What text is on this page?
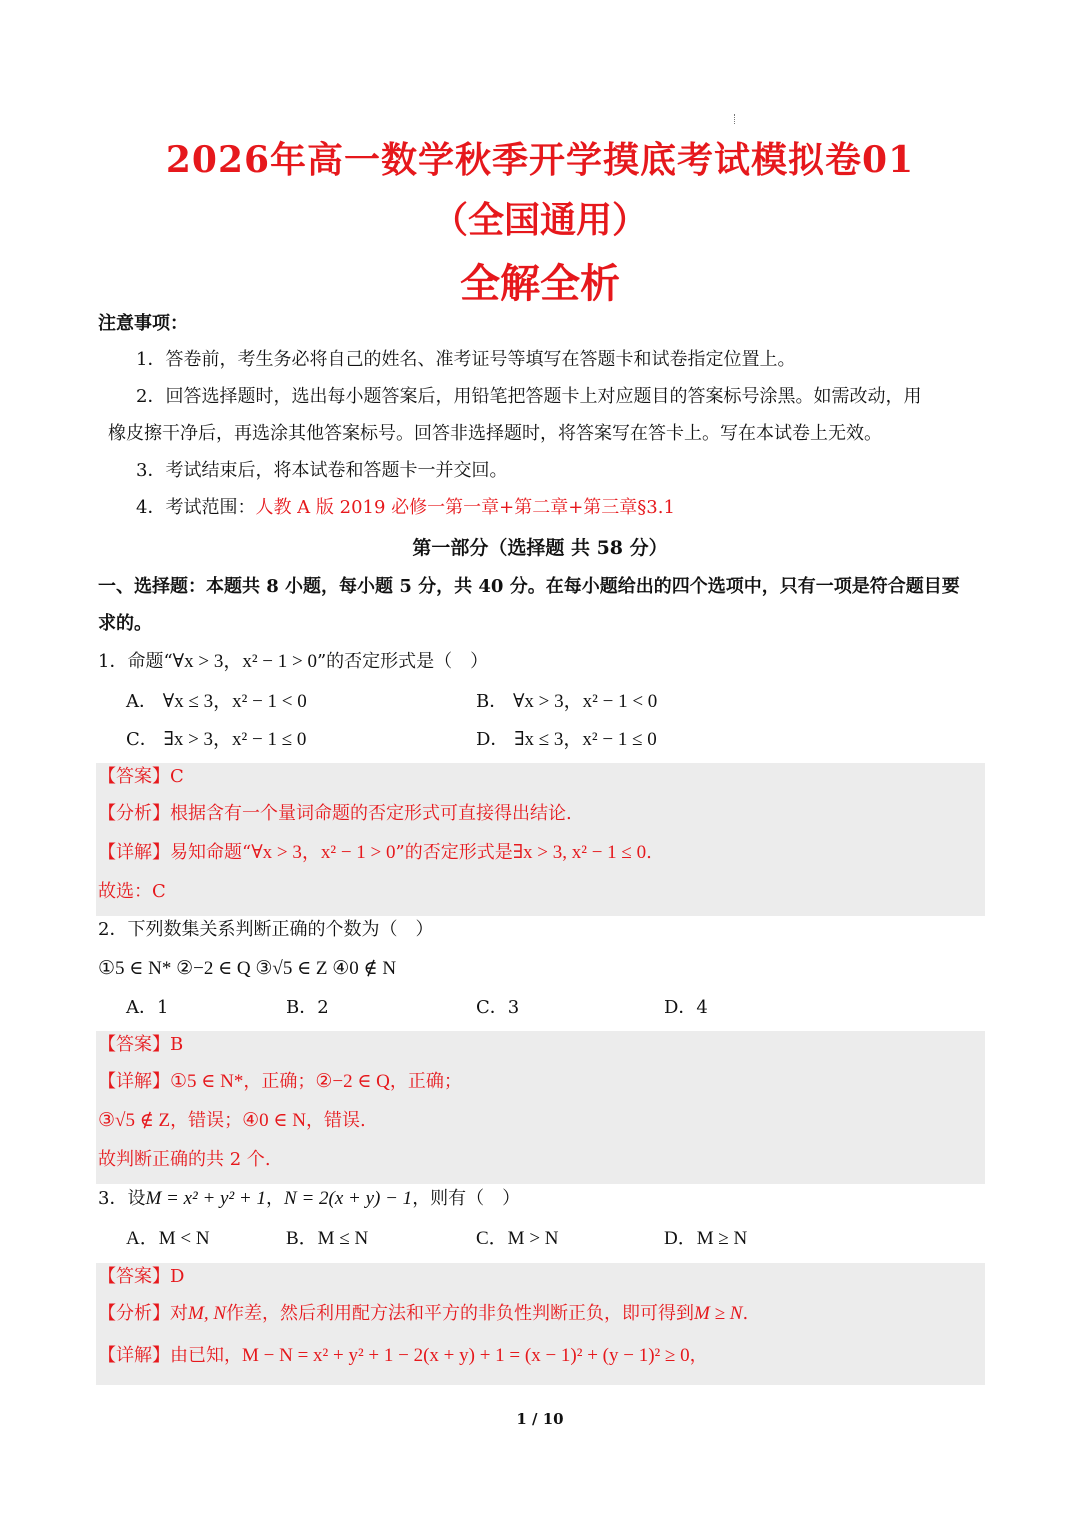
2026年高一数学秋季开学摸底考试模拟卷01
（全国通用）
全解全析
注意事项：
1．答卷前，考生务必将自己的姓名、准考证号等填写在答题卡和试卷指定位置上。
2．回答选择题时，选出每小题答案后，用铅笔把答题卡上对应题目的答案标号涂黑。如需改动，用
橡皮擦干净后，再选涂其他答案标号。回答非选择题时，将答案写在答卡上。写在本试卷上无效。
3．考试结束后，将本试卷和答题卡一并交回。
4．考试范围：人教 A 版 2019 必修一第一章+第二章+第三章§3.1
第一部分（选择题 共 58 分）
一、选择题：本题共 8 小题，每小题 5 分，共 40 分。在每小题给出的四个选项中，只有一项是符合题目要
求的。
1．命题“∀x > 3，x² − 1 > 0”的否定形式是（　）
A． ∀x ≤ 3，x² − 1 < 0	B． ∀x > 3，x² − 1 < 0
C． ∃x > 3，x² − 1 ≤ 0	D． ∃x ≤ 3，x² − 1 ≤ 0
【答案】C
【分析】根据含有一个量词命题的否定形式可直接得出结论.
【详解】易知命题“∀x > 3，x² − 1 > 0”的否定形式是∃x > 3, x² − 1 ≤ 0.
故选：C
2．下列数集关系判断正确的个数为（　）
①5 ∈ N* ②−2 ∈ Q ③√5 ∈ Z ④0 ∉ N
A．1	B．2	C．3	D．4
【答案】B
【详解】①5 ∈ N*，正确；②−2 ∈ Q，正确；
③√5 ∉ Z，错误；④0 ∈ N，错误.
故判断正确的共 2 个.
3．设M = x² + y² + 1，N = 2(x + y) − 1，则有（　）
A．M < N	B．M ≤ N	C．M > N	D．M ≥ N
【答案】D
【分析】对M, N作差，然后利用配方法和平方的非负性判断正负，即可得到M ≥ N.
【详解】由已知，M − N = x² + y² + 1 − 2(x + y) + 1 = (x − 1)² + (y − 1)² ≥ 0，
1 / 10
